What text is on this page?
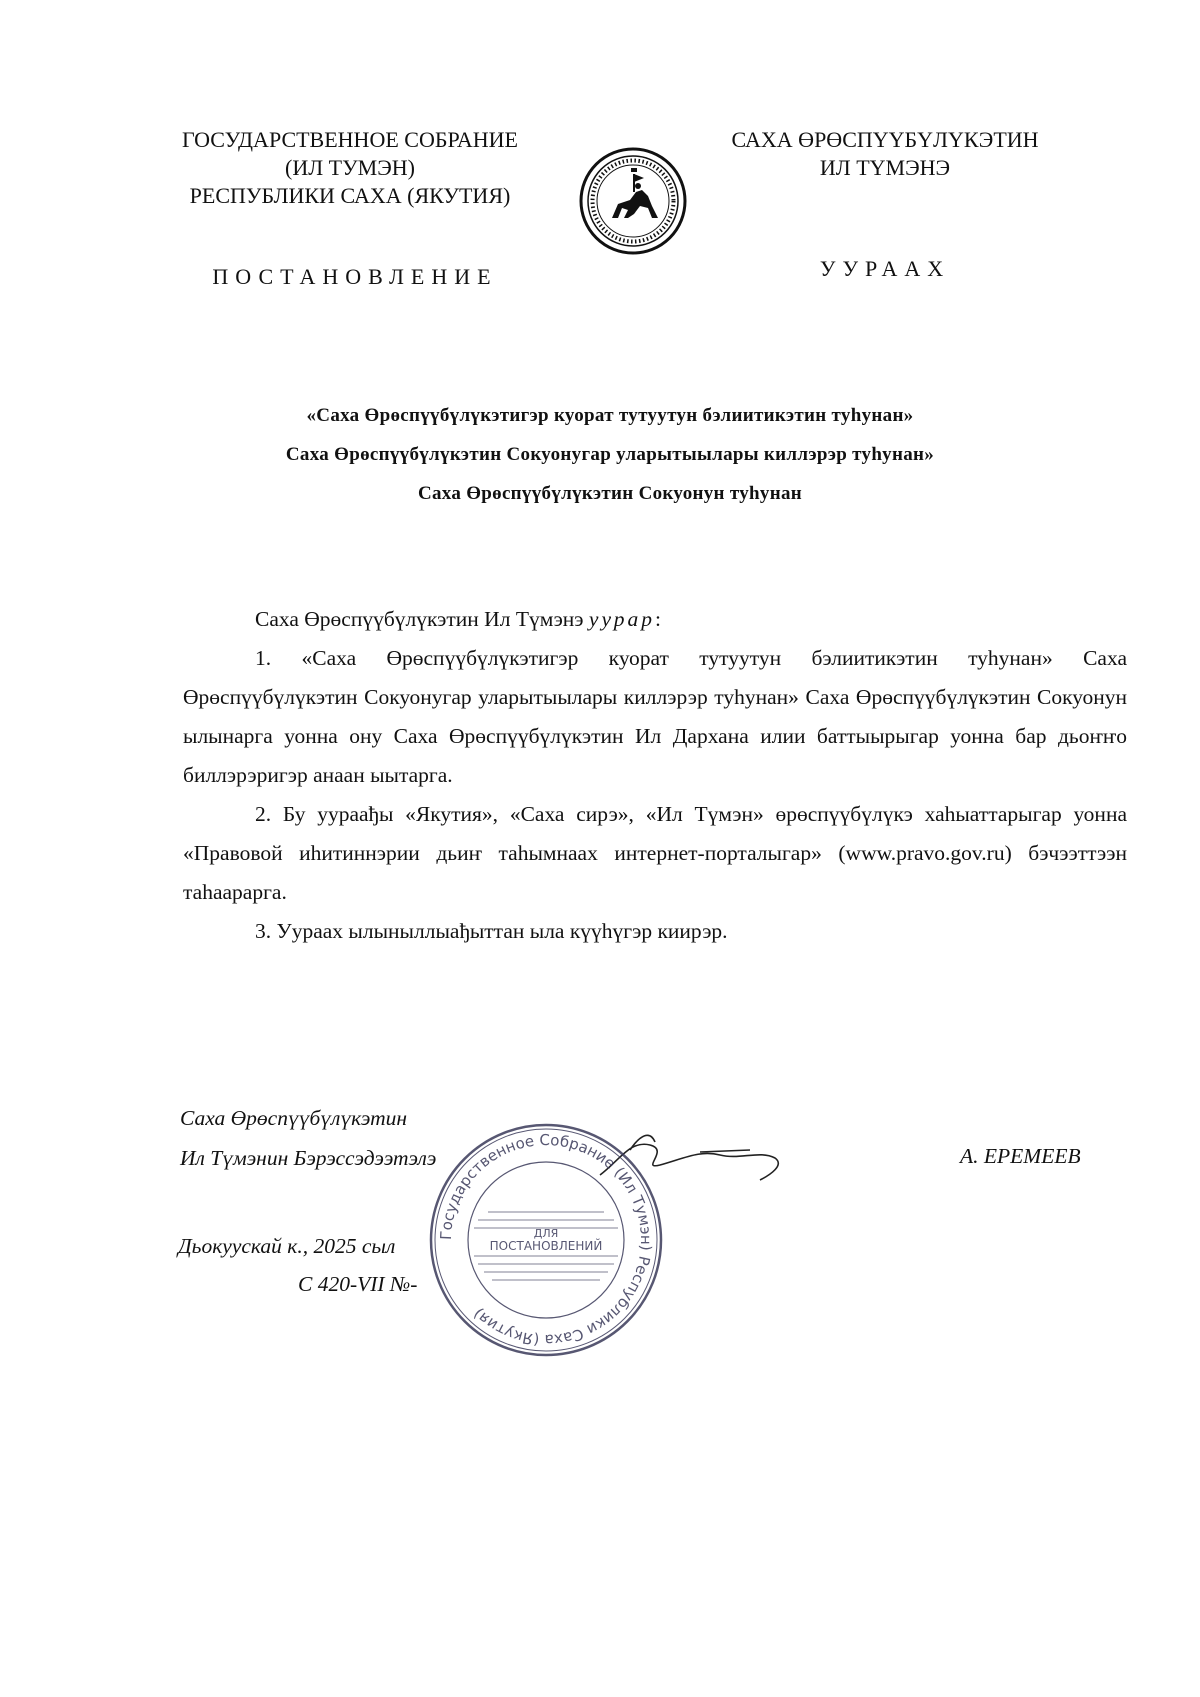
ГОСУДАРСТВЕННОЕ СОБРАНИЕ
(ИЛ ТУМЭН)
РЕСПУБЛИКИ САХА (ЯКУТИЯ)
САХА ӨРӨСПҮҮБҮЛҮКЭТИН
ИЛ ТҮМЭНЭ
ПОСТАНОВЛЕНИЕ	УУРААХ
«Саха Өрөспүүбүлүкэтигэр куорат тутуутун бэлиитикэтин туһунан»
Саха Өрөспүүбүлүкэтин Сокуонугар уларытыылары киллэрэр туһунан»
Саха Өрөспүүбүлүкэтин Сокуонун туһунан

Саха Өрөспүүбүлүкэтин Ил Түмэнэ уурар:

1. «Саха Өрөспүүбүлүкэтигэр куорат тутуутун бэлиитикэтин туһунан» Саха Өрөспүүбүлүкэтин Сокуонугар уларытыылары киллэрэр туһунан» Саха Өрөспүүбүлүкэтин Сокуонун ылынарга уонна ону Саха Өрөспүүбүлүкэтин Ил Дархана илии баттыырыгар уонна бар дьоҥҥо биллэрэригэр анаан ыытарга.

2. Бу уураађы «Якутия», «Саха сирэ», «Ил Түмэн» өрөспүүбүлүкэ хаһыаттарыгар уонна «Правовой иһитиннэрии дьиҥ таһымнаах интернет-порталыгар» (www.pravo.gov.ru) бэчээттээн таһаарарга.

3. Уураах ылыныллыађыттан ыла күүһүгэр киирэр.

Саха Өрөспүүбүлүкэтин
Ил Түмэнин Бэрэссэдээтэлэ	А. ЕРЕМЕЕВ
Дьокуускай к., 2025 сыл
С 420-VII №-
Государственное Собрание (Ил Тумэн) Республики Саха (Якутия)
ДЛЯ
ПОСТАНОВЛЕНИЙ
